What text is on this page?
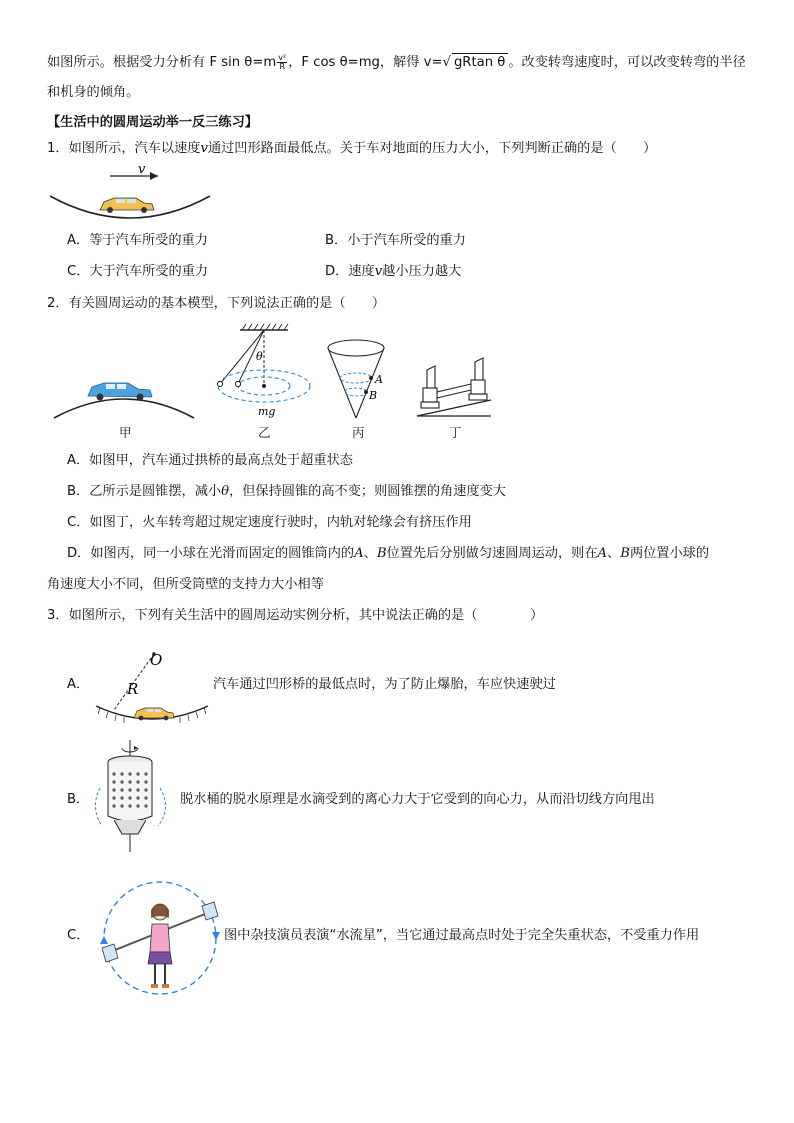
如图所示。根据受力分析有 F $\sin \theta=m \frac{\text{v²}}{R}$ ，F cos θ=mg，解得 v=√ gRtan θ 。改变转弯速度时，可以改变转弯的半径
和机身的倾角。
【生活中的圆周运动举一反三练习】
1．如图所示，汽车以速度v通过凹形路面最低点。关于车对地面的压力大小，下列判断正确的是（　　）
v
A．等于汽车所受的重力	B．小于汽车所受的重力
C．大于汽车所受的重力	D．速度v越小压力越大
2．有关圆周运动的基本模型，下列说法正确的是（　　）
甲
θ
mg
乙
A
B
丙	丁
A．如图甲，汽车通过拱桥的最高点处于超重状态
B．乙所示是圆锥摆，减小θ，但保持圆锥的高不变；则圆锥摆的角速度变大
C．如图丁，火车转弯超过规定速度行驶时，内轨对轮缘会有挤压作用
D．如图丙，同一小球在光滑而固定的圆锥筒内的A、B位置先后分别做匀速圆周运动，则在A、B两位置小球的
角速度大小不同，但所受筒壁的支持力大小相等
3．如图所示，下列有关生活中的圆周运动实例分析，其中说法正确的是（　　　　）
A．
O
R	汽车通过凹形桥的最低点时，为了防止爆胎，车应快速驶过
B．	脱水桶的脱水原理是水滴受到的离心力大于它受到的向心力，从而沿切线方向甩出
C．	图中杂技演员表演“水流星”，当它通过最高点时处于完全失重状态，不受重力作用
